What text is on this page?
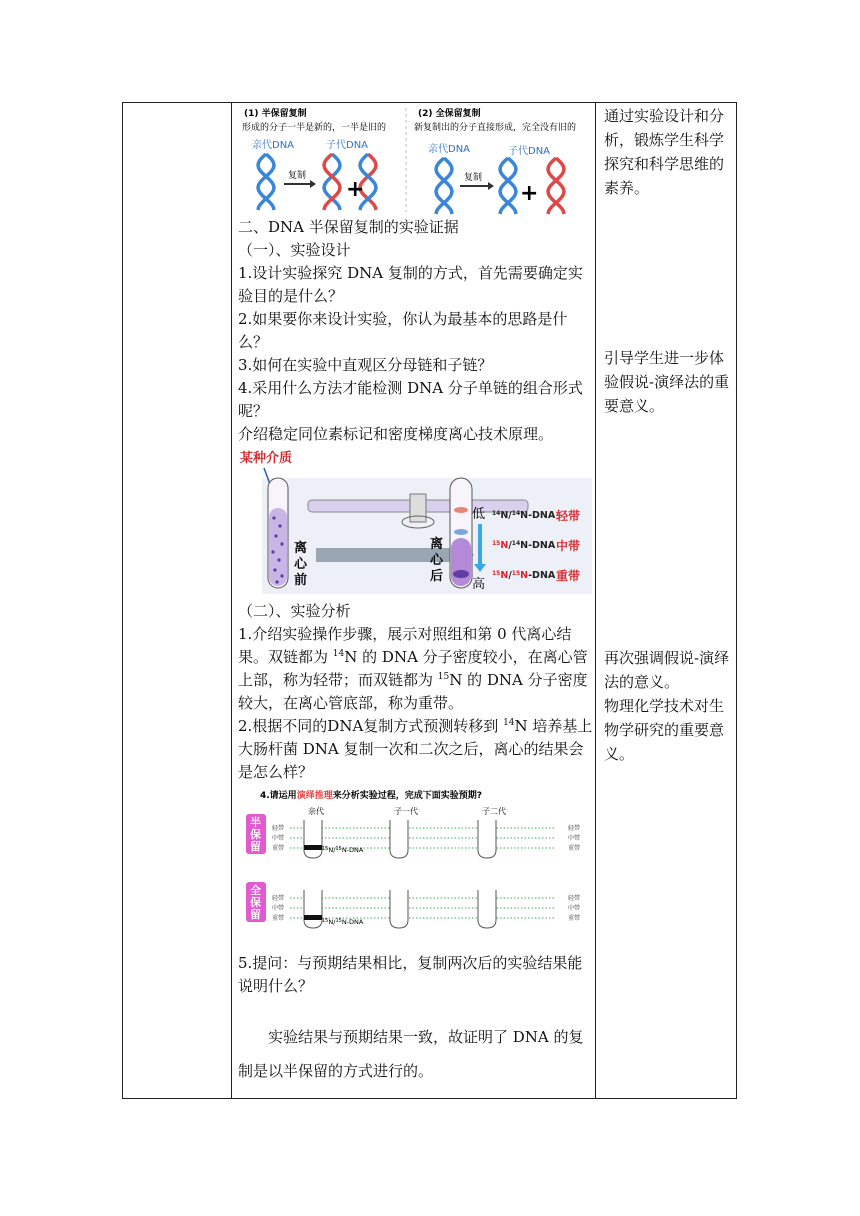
(1) 半保留复制
形成的分子一半是新的，一半是旧的
(2) 全保留复制
新复制出的分子直接形成，完全没有旧的
亲代DNA	子代DNA	亲代DNA	子代DNA
复制	复制
+	+

二、DNA 半保留复制的实验证据

（一）、实验设计

1.设计实验探究 DNA 复制的方式，首先需要确定实验目的是什么？

2.如果要你来设计实验，你认为最基本的思路是什么？

3.如何在实验中直观区分母链和子链？

4.采用什么方法才能检测 DNA 分子单链的组合形式呢？

介绍稳定同位素标记和密度梯度离心技术原理。

某种介质
离
心
前
离
心
后
低
高
$^{14}$N/$^{14}$N-DNA
$^{15}$N/$^{14}$N-DNA
$^{15}$N/$^{15}$N-DNA
轻带
中带
重带

（二）、实验分析

1.介绍实验操作步骤，展示对照组和第 0 代离心结果。双链都为 $^{14}$N 的 DNA 分子密度较小，在离心管上部，称为轻带；而双链都为 $^{15}$N 的 DNA 分子密度较大，在离心管底部，称为重带。

2.根据不同的DNA复制方式预测转移到 $^{14}$N 培养基上大肠杆菌 DNA 复制一次和二次之后，离心的结果会是怎么样？

4.请运用演绎推理来分析实验过程，完成下面实验预期?
亲代	子一代	子二代
半
保
留
轻带	轻带
中带	中带
重带	重带
全
保
留
轻带	轻带
中带	中带
重带	重带
$^{15}$N/$^{15}$N-DNA
$^{15}$N/$^{15}$N-DNA

5.提问：与预期结果相比，复制两次后的实验结果能说明什么？

实验结果与预期结果一致，故证明了 DNA 的复制是以半保留的方式进行的。

通过实验设计和分析，锻炼学生科学探究和科学思维的素养。

引导学生进一步体验假说-演绎法的重要意义。

再次强调假说-演绎法的意义。

物理化学技术对生物学研究的重要意义。
